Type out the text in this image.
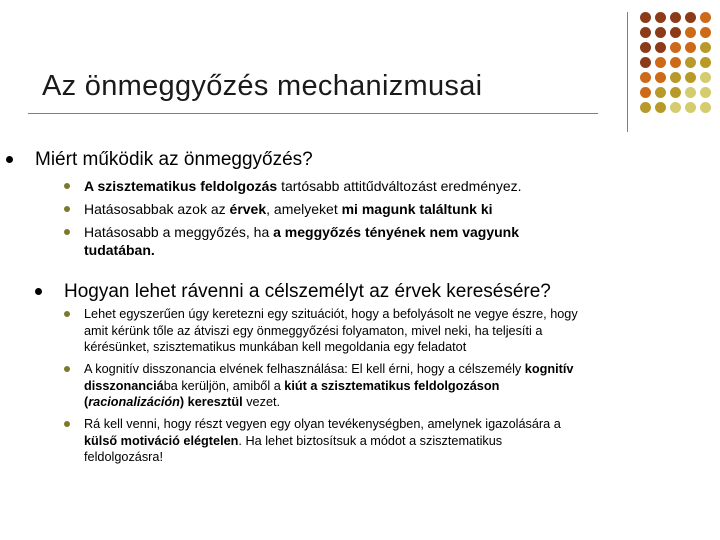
Az önmeggyőzés mechanizmusai
Miért működik az önmeggyőzés?
A szisztematikus feldolgozás tartósabb attitűdváltozást eredményez.
Hatásosabbak azok az érvek, amelyeket mi magunk találtunk ki
Hatásosabb a meggyőzés, ha a meggyőzés tényének nem vagyunk
tudatában.
Hogyan lehet rávenni a célszemélyt az érvek keresésére?
Lehet egyszerűen úgy keretezni egy szituációt, hogy a befolyásolt ne vegye észre, hogy
amit kérünk tőle az átviszi egy önmeggyőzési folyamaton, mivel neki, ha teljesíti a
kérésünket, szisztematikus munkában kell megoldania egy feladatot
A kognitív disszonancia elvének felhasználása: El kell érni, hogy a célszemély kognitív
disszonanciába kerüljön, amiből a kiút a szisztematikus feldolgozáson
(racionalizáción) keresztül vezet.
Rá kell venni, hogy részt vegyen egy olyan tevékenységben, amelynek igazolására a
külső motiváció elégtelen. Ha lehet biztosítsuk a módot a szisztematikus
feldolgozásra!
